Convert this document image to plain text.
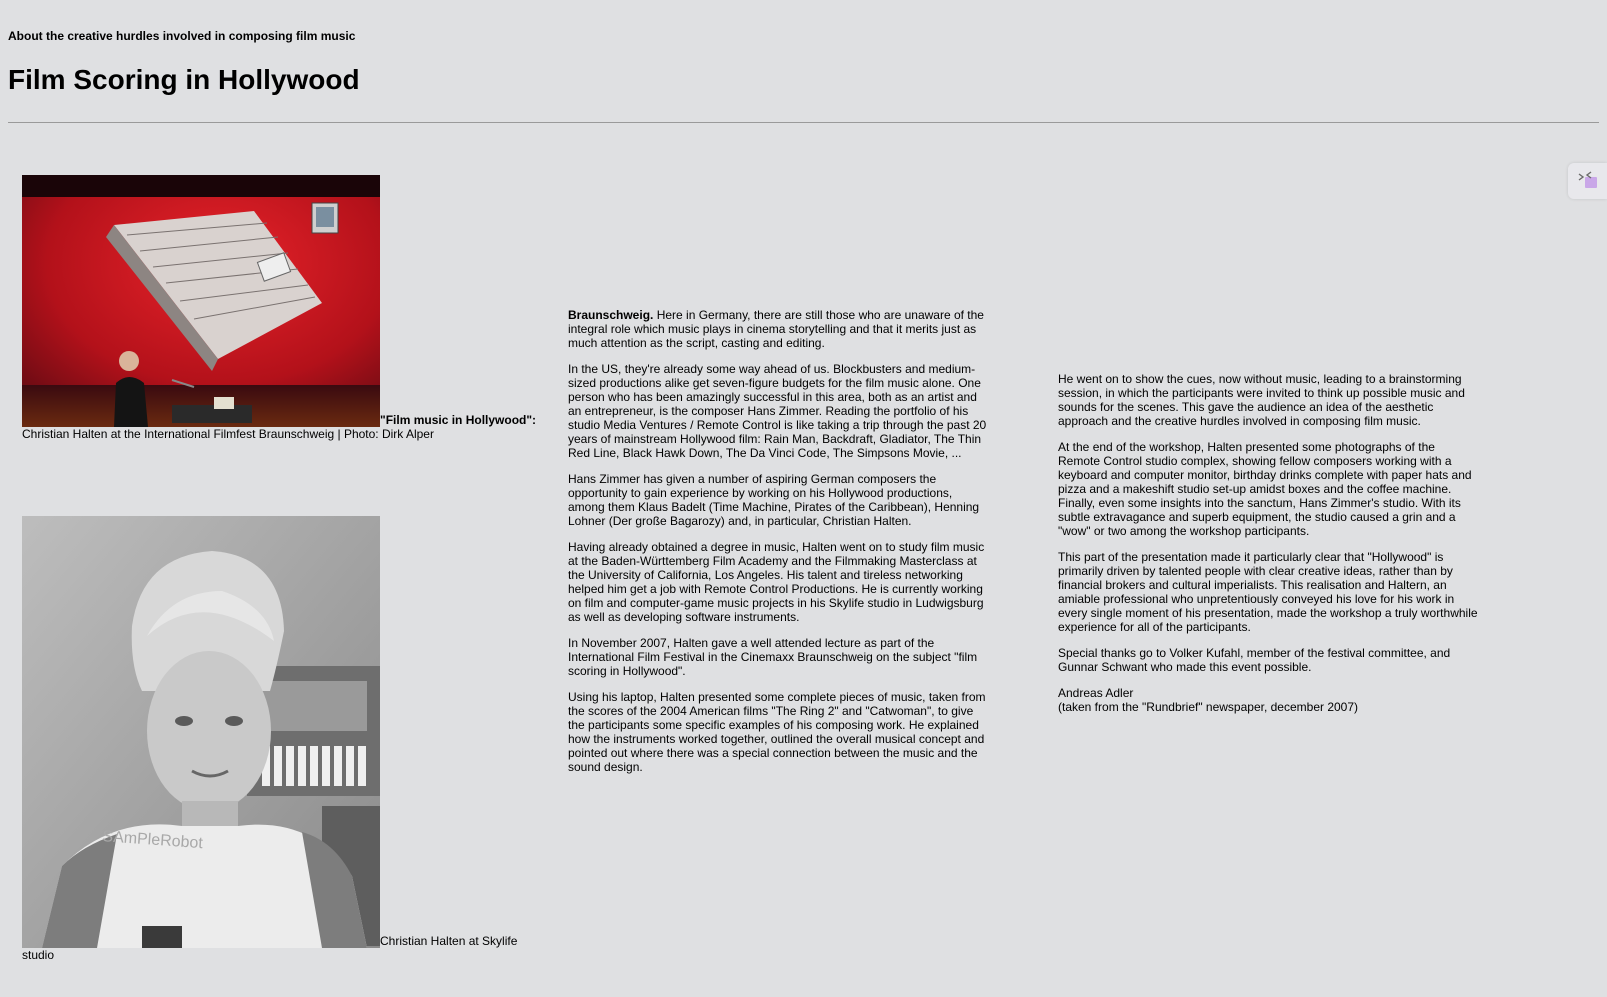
About the creative hurdles involved in composing film music
Film Scoring in Hollywood
"Film music in Hollywood":
Christian Halten at the International Filmfest Braunschweig | Photo: Dirk Alper
SAmPleRobot
Christian Halten at Skylife studio

Braunschweig. Here in Germany, there are still those who are unaware of the integral role which music plays in cinema storytelling and that it merits just as much attention as the script, casting and editing.

In the US, they're already some way ahead of us. Blockbusters and medium-sized productions alike get seven-figure budgets for the film music alone. One person who has been amazingly successful in this area, both as an artist and an entrepreneur, is the composer Hans Zimmer. Reading the portfolio of his studio Media Ventures / Remote Control is like taking a trip through the past 20 years of mainstream Hollywood film: Rain Man, Backdraft, Gladiator, The Thin Red Line, Black Hawk Down, The Da Vinci Code, The Simpsons Movie, ...

Hans Zimmer has given a number of aspiring German composers the opportunity to gain experience by working on his Hollywood productions, among them Klaus Badelt (Time Machine, Pirates of the Caribbean), Henning Lohner (Der große Bagarozy) and, in particular, Christian Halten.

Having already obtained a degree in music, Halten went on to study film music at the Baden-Württemberg Film Academy and the Filmmaking Masterclass at the University of California, Los Angeles. His talent and tireless networking helped him get a job with Remote Control Productions. He is currently working on film and computer-game music projects in his Skylife studio in Ludwigsburg as well as developing software instruments.

In November 2007, Halten gave a well attended lecture as part of the International Film Festival in the Cinemaxx Braunschweig on the subject "film scoring in Hollywood".

Using his laptop, Halten presented some complete pieces of music, taken from the scores of the 2004 American films "The Ring 2" and "Catwoman", to give the participants some specific examples of his composing work. He explained how the instruments worked together, outlined the overall musical concept and pointed out where there was a special connection between the music and the sound design.

He went on to show the cues, now without music, leading to a brainstorming session, in which the participants were invited to think up possible music and sounds for the scenes. This gave the audience an idea of the aesthetic approach and the creative hurdles involved in composing film music.

At the end of the workshop, Halten presented some photographs of the Remote Control studio complex, showing fellow composers working with a keyboard and computer monitor, birthday drinks complete with paper hats and pizza and a makeshift studio set-up amidst boxes and the coffee machine.

Finally, even some insights into the sanctum, Hans Zimmer's studio. With its subtle extravagance and superb equipment, the studio caused a grin and a "wow" or two among the workshop participants.

This part of the presentation made it particularly clear that "Hollywood" is primarily driven by talented people with clear creative ideas, rather than by financial brokers and cultural imperialists. This realisation and Haltern, an amiable professional who unpretentiously conveyed his love for his work in every single moment of his presentation, made the workshop a truly worthwhile experience for all of the participants.

Special thanks go to Volker Kufahl, member of the festival committee, and Gunnar Schwant who made this event possible.

Andreas Adler

(taken from the "Rundbrief" newspaper, december 2007)
